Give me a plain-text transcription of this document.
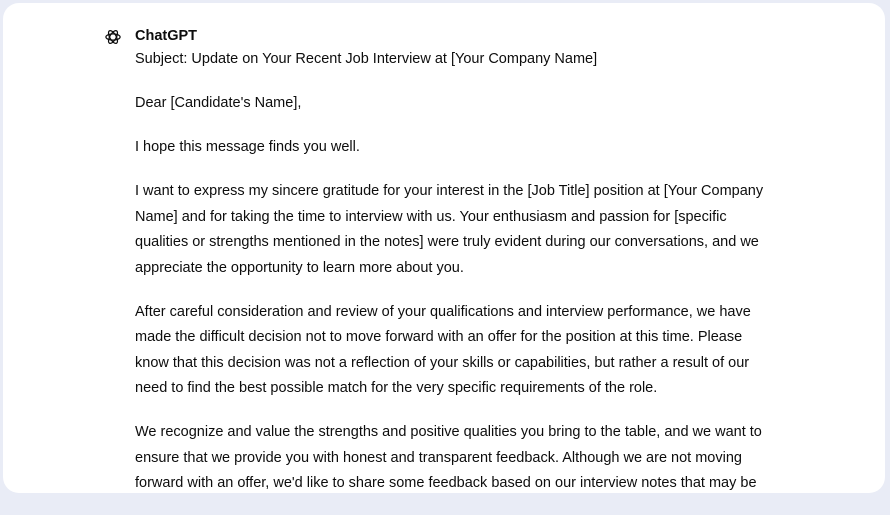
ChatGPT

Subject: Update on Your Recent Job Interview at [Your Company Name]

Dear [Candidate's Name],

I hope this message finds you well.

I want to express my sincere gratitude for your interest in the [Job Title] position at [Your Company
Name] and for taking the time to interview with us. Your enthusiasm and passion for [specific
qualities or strengths mentioned in the notes] were truly evident during our conversations, and we
appreciate the opportunity to learn more about you.

After careful consideration and review of your qualifications and interview performance, we have
made the difficult decision not to move forward with an offer for the position at this time. Please
know that this decision was not a reflection of your skills or capabilities, but rather a result of our
need to find the best possible match for the very specific requirements of the role.

We recognize and value the strengths and positive qualities you bring to the table, and we want to
ensure that we provide you with honest and transparent feedback. Although we are not moving
forward with an offer, we'd like to share some feedback based on our interview notes that may be
